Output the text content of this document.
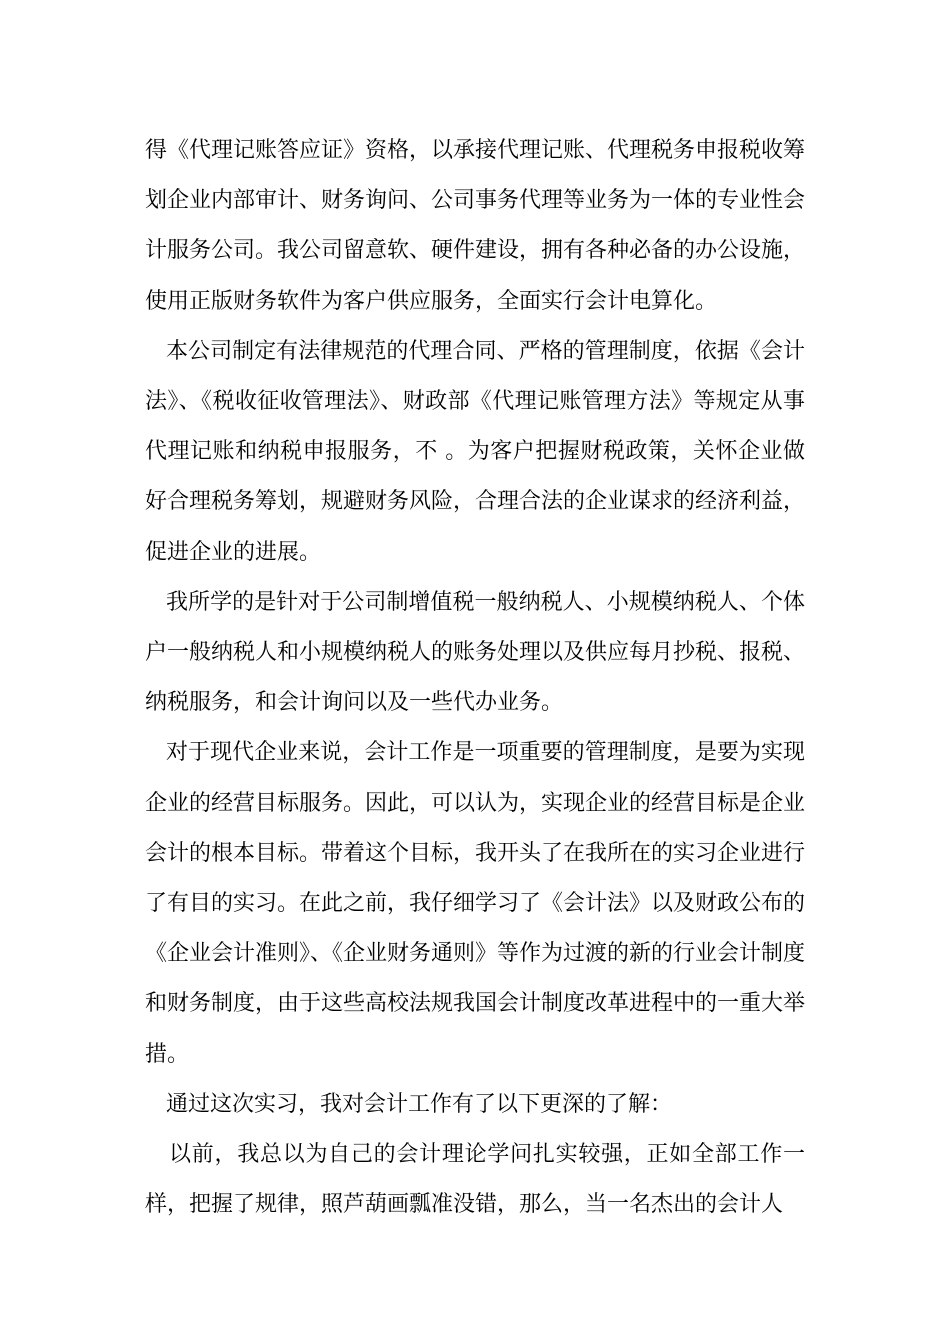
得《代理记账答应证》资格，以承接代理记账、代理税务申报税收筹划企业内部审计、财务询问、公司事务代理等业务为一体的专业性会计服务公司。我公司留意软、硬件建设，拥有各种必备的办公设施，使用正版财务软件为客户供应服务，全面实行会计电算化。

本公司制定有法律规范的代理合同、严格的管理制度，依据《会计法》、《税收征收管理法》、财政部《代理记账管理方法》等规定从事代理记账和纳税申报服务，不 。为客户把握财税政策，关怀企业做好合理税务筹划，规避财务风险，合理合法的企业谋求的经济利益，促进企业的进展。

我所学的是针对于公司制增值税一般纳税人、小规模纳税人、个体户一般纳税人和小规模纳税人的账务处理以及供应每月抄税、报税、纳税服务，和会计询问以及一些代办业务。

对于现代企业来说，会计工作是一项重要的管理制度，是要为实现企业的经营目标服务。因此，可以认为，实现企业的经营目标是企业会计的根本目标。带着这个目标，我开头了在我所在的实习企业进行了有目的实习。在此之前，我仔细学习了《会计法》以及财政公布的《企业会计准则》、《企业财务通则》等作为过渡的新的行业会计制度和财务制度，由于这些高校法规我国会计制度改革进程中的一重大举措。

通过这次实习，我对会计工作有了以下更深的了解：

以前，我总以为自己的会计理论学问扎实较强，正如全部工作一样，把握了规律，照芦葫画瓢准没错，那么，当一名杰出的会计人
